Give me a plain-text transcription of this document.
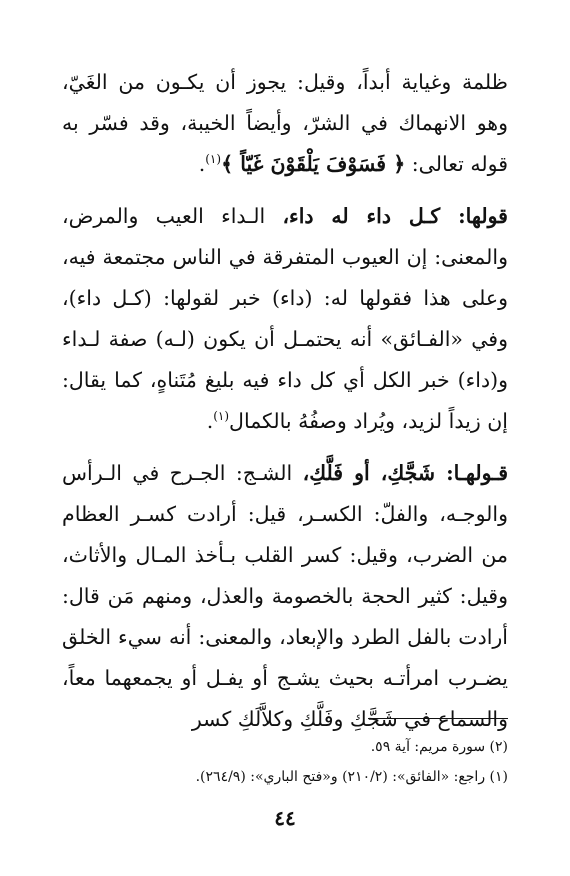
ظلمة وغياية أبداً، وقيل: يجوز أن يكـون من الغَيّ، وهو الانهماك في الشرّ، وأيضاً الخيبة، وقد فسّر به قوله تعالى: ﴿ فَسَوْفَ يَلْقَوْنَ غَيّاً ﴾$^{(١)}$.

قولها: كـل داء له داء، الـداء العيب والمرض، والمعنى: إن العيوب المتفرقة في الناس مجتمعة فيه، وعلى هذا فقولها له: (داء) خبر لقولها: (كـل داء)، وفي «الفـائق» أنه يحتمـل أن يكون (لـه) صفة لـداء و(داء) خبر الكل أي كل داء فيه بليغ مُتَناهٍ، كما يقال: إن زيداً لزيد، ويُراد وصفُهُ بالكمال$^{(١)}$.

قـولهـا: شَجَّكِ، أو فَلَّكِ، الشـج: الجـرح في الـرأس والوجـه، والفلّ: الكسـر، قيل: أرادت كسـر العظام من الضرب، وقيل: كسر القلب بـأخذ المـال والأثاث، وقيل: كثير الحجة بالخصومة والعذل، ومنهم مَن قال: أرادت بالفل الطرد والإبعاد، والمعنى: أنه سيء الخلق يضـرب امرأتـه بحيث يشـج أو يفـل أو يجمعهما معاً، والسماع في شَجَّكِ وفَلَّكِ وكلاَّلَكِ كسر

(٢) سورة مريم: آية ٥٩.

(١) راجع: «الفائق»: (٢١٠/٢) و«فتح الباري»: (٢٦٤/٩).

٤٤
